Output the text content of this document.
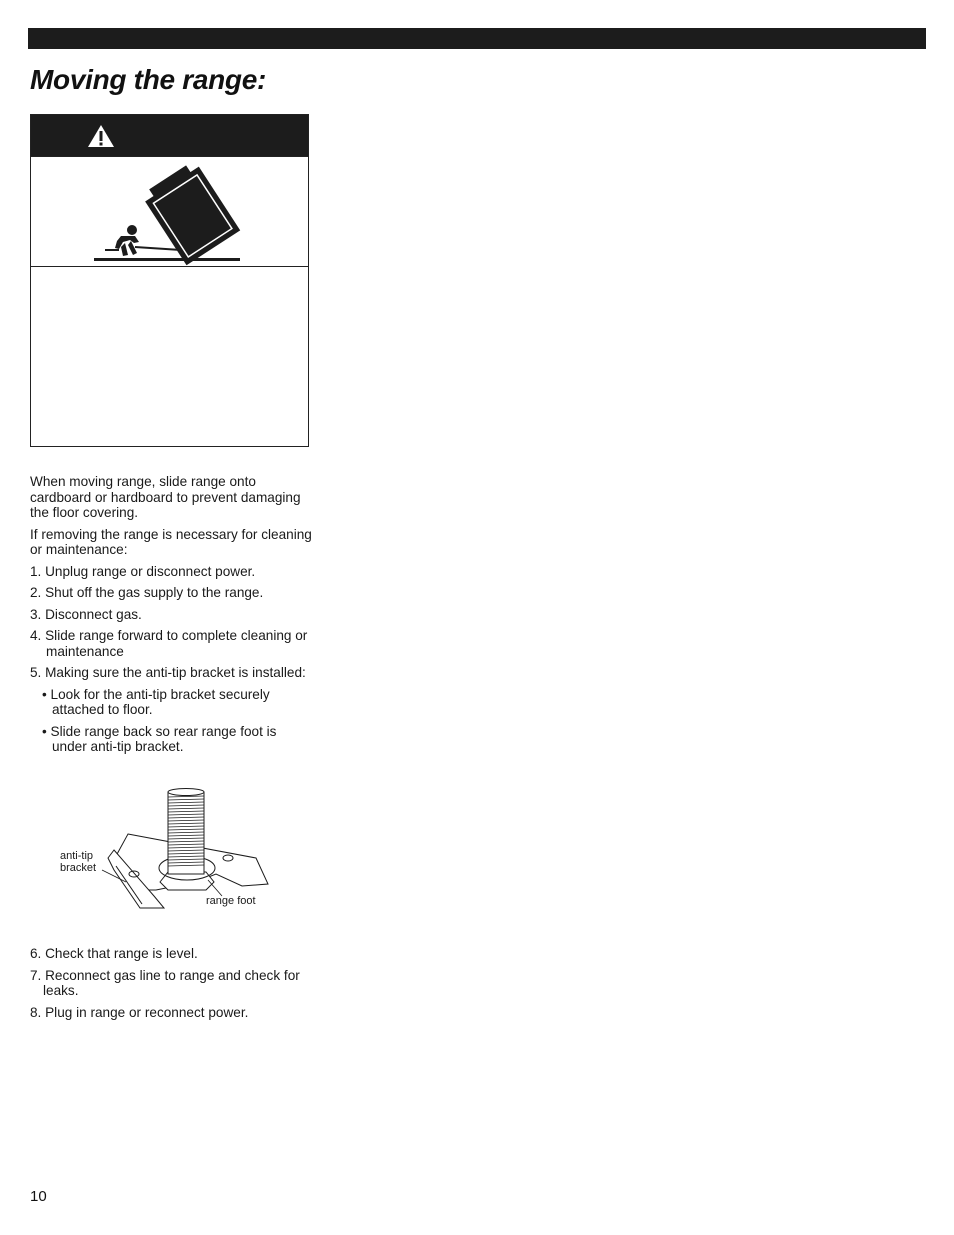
Moving the range:

When moving range, slide range onto cardboard or hardboard to prevent damaging the floor covering.

If removing the range is necessary for cleaning or maintenance:

1. Unplug range or disconnect power.

2. Shut off the gas supply to the range.

3. Disconnect gas.

4. Slide range forward to complete cleaning or maintenance

5. Making sure the anti-tip bracket is installed:

• Look for the anti-tip bracket securely attached to floor.

• Slide range back so rear range foot is under anti-tip bracket.

anti-tip bracket
range foot

6. Check that range is level.

7. Reconnect gas line to range and check for leaks.

8. Plug in range or reconnect power.

10
